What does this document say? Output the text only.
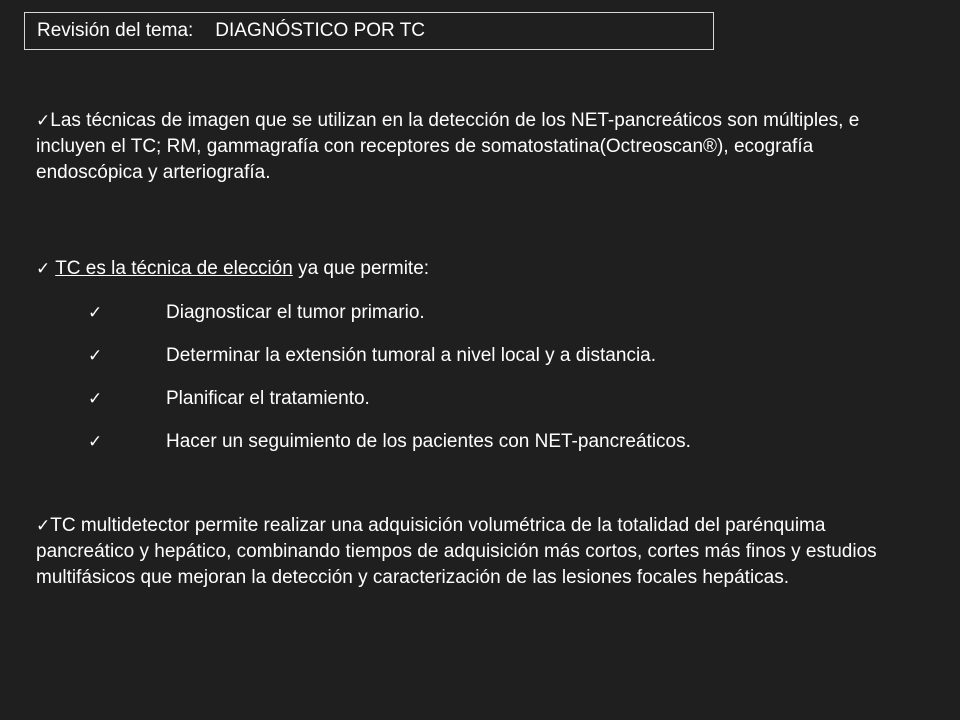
Revisión del tema: DIAGNÓSTICO POR TC
✓Las técnicas de imagen que se utilizan en la detección de los NET-pancreáticos son múltiples, e incluyen el TC; RM, gammagrafía con receptores de somatostatina(Octreoscan®), ecografía endoscópica y arteriografía.
✓ TC es la técnica de elección ya que permite:
✓	Diagnosticar el tumor primario.
✓	Determinar la extensión tumoral a nivel local y a distancia.
✓	Planificar el tratamiento.
✓	Hacer un seguimiento de los pacientes con NET-pancreáticos.
✓TC multidetector permite realizar una adquisición volumétrica de la totalidad del parénquima pancreático y hepático, combinando tiempos de adquisición más cortos, cortes más finos y estudios multifásicos que mejoran la detección y caracterización de las lesiones focales hepáticas.
